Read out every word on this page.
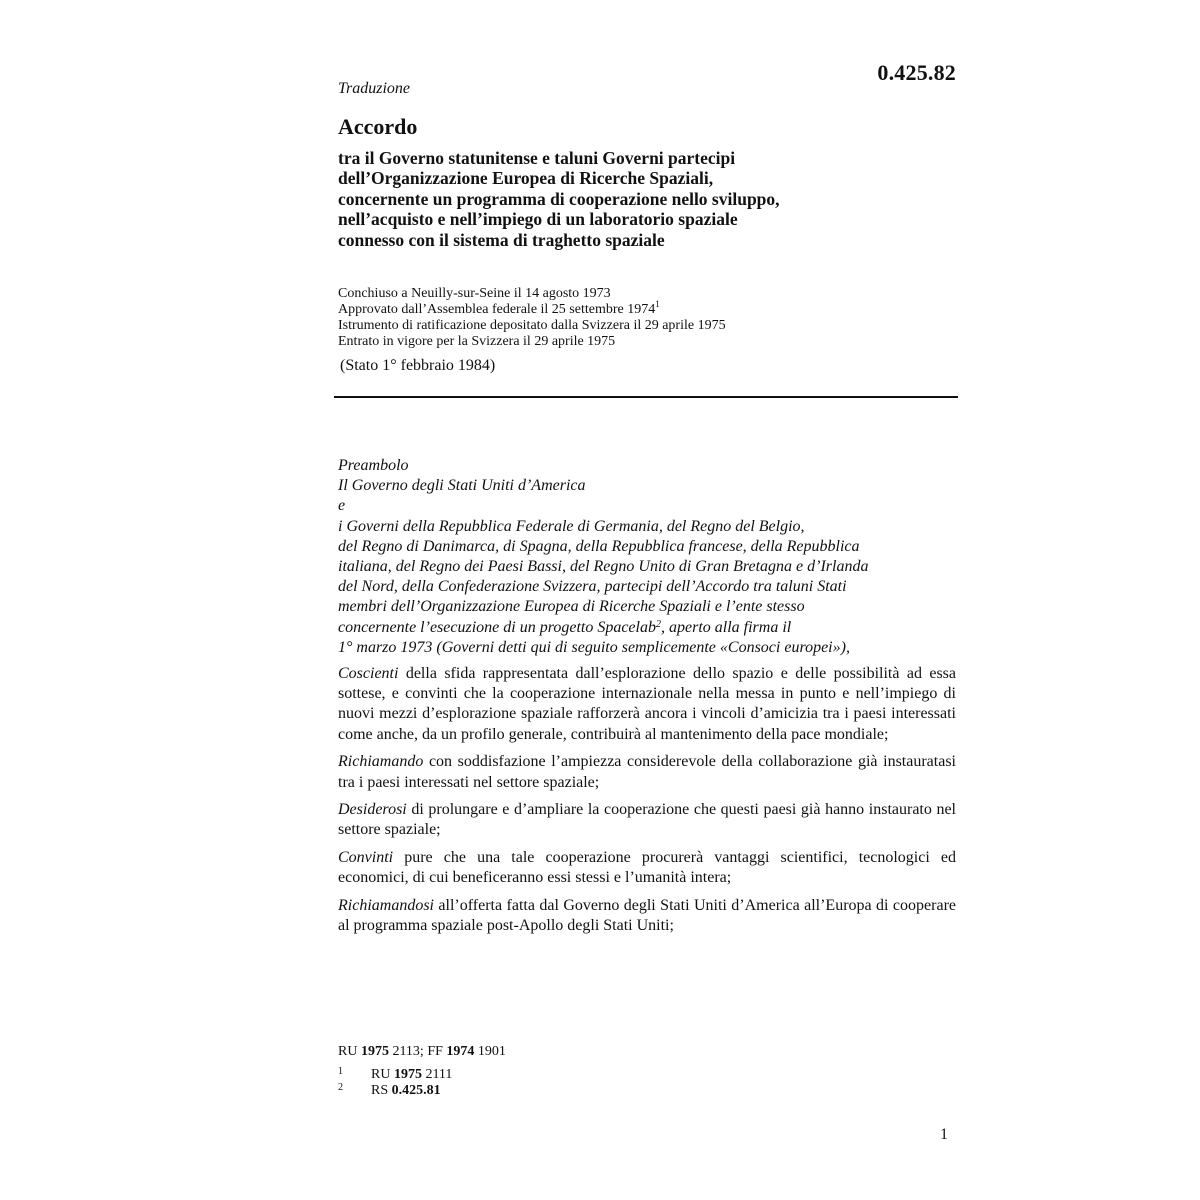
0.425.82
Traduzione
Accordo
tra il Governo statunitense e taluni Governi partecipi
dell’Organizzazione Europea di Ricerche Spaziali,
concernente un programma di cooperazione nello sviluppo,
nell’acquisto e nell’impiego di un laboratorio spaziale
connesso con il sistema di traghetto spaziale
Conchiuso a Neuilly-sur-Seine il 14 agosto 1973
Approvato dall’Assemblea federale il 25 settembre 1974$^1$
Istrumento di ratificazione depositato dalla Svizzera il 29 aprile 1975
Entrato in vigore per la Svizzera il 29 aprile 1975
(Stato 1° febbraio 1984)
Preambolo
Il Governo degli Stati Uniti d’America
e
i Governi della Repubblica Federale di Germania, del Regno del Belgio,
del Regno di Danimarca, di Spagna, della Repubblica francese, della Repubblica
italiana, del Regno dei Paesi Bassi, del Regno Unito di Gran Bretagna e d’Irlanda
del Nord, della Confederazione Svizzera, partecipi dell’Accordo tra taluni Stati
membri dell’Organizzazione Europea di Ricerche Spaziali e l’ente stesso
concernente l’esecuzione di un progetto Spacelab$^2$, aperto alla firma il
1° marzo 1973 (Governi detti qui di seguito semplicemente «Consoci europei»),

Coscienti della sfida rappresentata dall’esplorazione dello spazio e delle possibilità ad essa sottese, e convinti che la cooperazione internazionale nella messa in punto e nell’impiego di nuovi mezzi d’esplorazione spaziale rafforzerà ancora i vincoli d’amicizia tra i paesi interessati come anche, da un profilo generale, contribuirà al mantenimento della pace mondiale;

Richiamando con soddisfazione l’ampiezza considerevole della collaborazione già instauratasi tra i paesi interessati nel settore spaziale;

Desiderosi di prolungare e d’ampliare la cooperazione che questi paesi già hanno instaurato nel settore spaziale;

Convinti pure che una tale cooperazione procurerà vantaggi scientifici, tecnologici ed economici, di cui beneficeranno essi stessi e l’umanità intera;

Richiamandosi all’offerta fatta dal Governo degli Stati Uniti d’America all’Europa di cooperare al programma spaziale post-Apollo degli Stati Uniti;

RU 1975 2113; FF 1974 1901
1 RU 1975 2111
2 RS 0.425.81
1
